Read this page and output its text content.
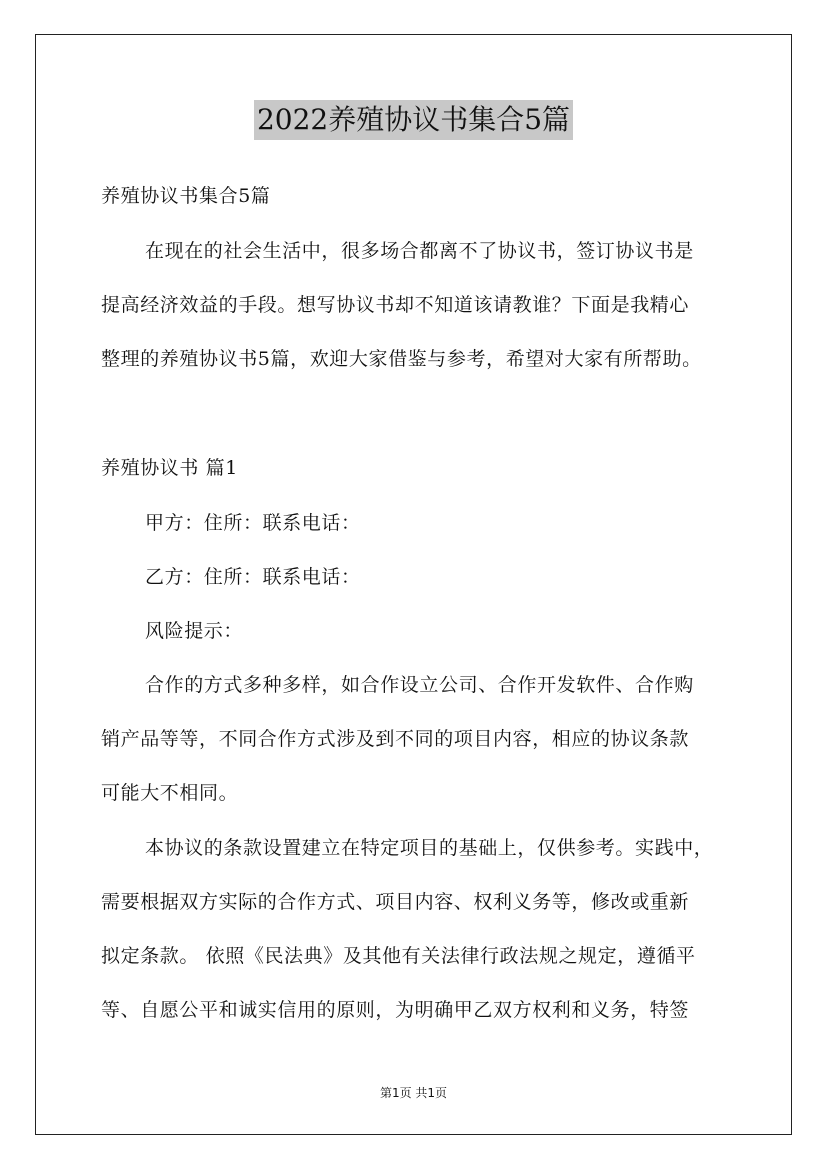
2022养殖协议书集合5篇
养殖协议书集合5篇
在现在的社会生活中，很多场合都离不了协议书，签订协议书是
提高经济效益的手段。想写协议书却不知道该请教谁？下面是我精心
整理的养殖协议书5篇，欢迎大家借鉴与参考，希望对大家有所帮助。
养殖协议书 篇1
甲方：住所：联系电话：
乙方：住所：联系电话：
风险提示：
合作的方式多种多样，如合作设立公司、合作开发软件、合作购
销产品等等，不同合作方式涉及到不同的项目内容，相应的协议条款
可能大不相同。
本协议的条款设置建立在特定项目的基础上，仅供参考。实践中，
需要根据双方实际的合作方式、项目内容、权利义务等，修改或重新
拟定条款。 依照《民法典》及其他有关法律行政法规之规定，遵循平
等、自愿公平和诚实信用的原则，为明确甲乙双方权利和义务，特签
第1页 共1页
